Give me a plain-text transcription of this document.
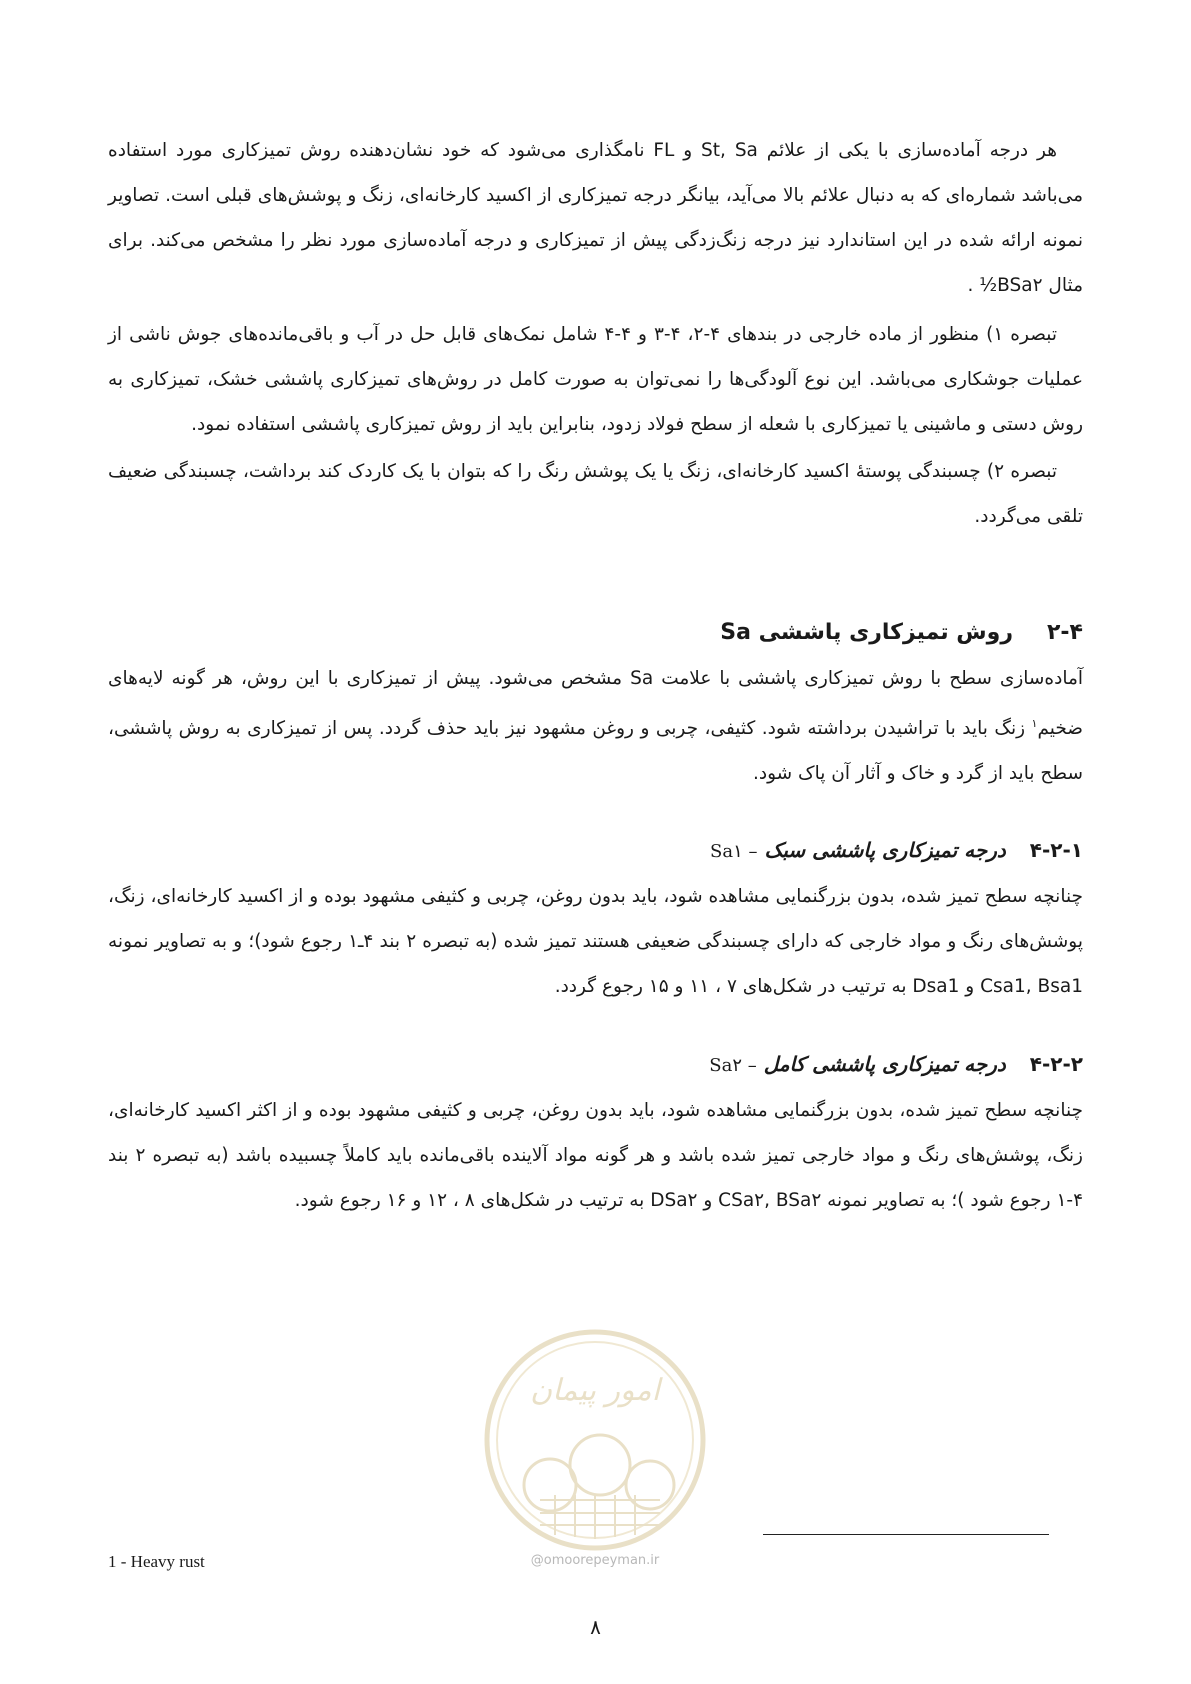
هر درجه آماده‌سازی با یکی از علائم St, Sa و FL نامگذاری می‌شود که خود نشان‌دهنده روش تمیزکاری مورد استفاده می‌باشد شماره‌ای که به دنبال علائم بالا می‌آید، بیانگر درجه تمیزکاری از اکسید کارخانه‌ای، زنگ و پوشش‌های قبلی است. تصاویر نمونه ارائه شده در این استاندارد نیز درجه زنگ‌زدگی پیش از تمیزکاری و درجه آماده‌سازی مورد نظر را مشخص می‌کند. برای مثال BSa۲½ .

تبصره ۱) منظور از ماده خارجی در بندهای ۴-۲، ۴-۳ و ۴-۴ شامل نمک‌های قابل حل در آب و باقی‌مانده‌های جوش ناشی از عملیات جوشکاری می‌باشد. این نوع آلودگی‌ها را نمی‌توان به صورت کامل در روش‌های تمیزکاری پاششی خشک، تمیزکاری به روش دستی و ماشینی یا تمیزکاری با شعله از سطح فولاد زدود، بنابراین باید از روش تمیزکاری پاششی استفاده نمود.

تبصره ۲) چسبندگی پوستهٔ اکسید کارخانه‌ای، زنگ یا یک پوشش رنگ را که بتوان با یک کاردک کند برداشت، چسبندگی ضعیف تلقی می‌گردد.

۲-۴روش تمیزکاری پاششی Sa

آماده‌سازی سطح با روش تمیزکاری پاششی با علامت Sa مشخص می‌شود. پیش از تمیزکاری با این روش، هر گونه لایه‌های ضخیم$^۱$ زنگ باید با تراشیدن برداشته شود. کثیفی، چربی و روغن مشهود نیز باید حذف گردد. پس از تمیزکاری به روش پاششی، سطح باید از گرد و خاک و آثار آن پاک شود.

۴-۲-۱درجه تمیزکاری پاششی سبک – Sa۱

چنانچه سطح تمیز شده، بدون بزرگنمایی مشاهده شود، باید بدون روغن، چربی و کثیفی مشهود بوده و از اکسید کارخانه‌ای، زنگ، پوشش‌های رنگ و مواد خارجی که دارای چسبندگی ضعیفی هستند تمیز شده (به تبصره ۲ بند ۴ـ۱ رجوع شود)؛ و به تصاویر نمونه Csa1, Bsa1 و Dsa1 به ترتیب در شکل‌های ۷ ، ۱۱ و ۱۵ رجوع گردد.

۴-۲-۲درجه تمیزکاری پاششی کامل – Sa۲

چنانچه سطح تمیز شده، بدون بزرگنمایی مشاهده شود، باید بدون روغن، چربی و کثیفی مشهود بوده و از اکثر اکسید کارخانه‌ای، زنگ، پوشش‌های رنگ و مواد خارجی تمیز شده باشد و هر گونه مواد آلاینده باقی‌مانده باید کاملاً چسبیده باشد (به تبصره ۲ بند ۴-۱ رجوع شود )؛ به تصاویر نمونه CSa۲, BSa۲ و DSa۲ به ترتیب در شکل‌های ۸ ، ۱۲ و ۱۶ رجوع شود.

امور پیمان
@omoorepeyman.ir
1 - Heavy rust
۸
